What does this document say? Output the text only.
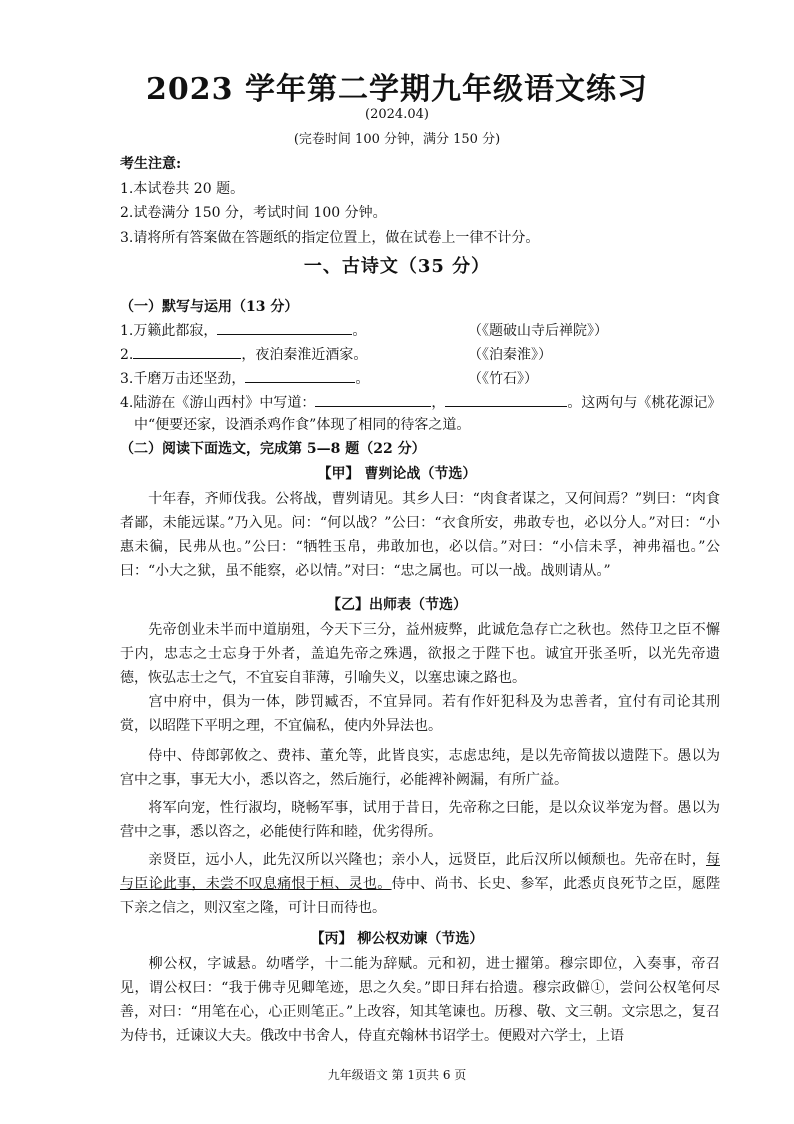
2023 学年第二学期九年级语文练习
(2024.04)
(完卷时间 100 分钟，满分 150 分)
考生注意:
1.本试卷共 20 题。
2.试卷满分 150 分，考试时间 100 分钟。
3.请将所有答案做在答题纸的指定位置上，做在试卷上一律不计分。
一、古诗文（35 分）
（一）默写与运用（13 分）
1.万籁此都寂，	。	（《题破山寺后禅院》）
2.	，夜泊秦淮近酒家。	（《泊秦淮》）
3.千磨万击还坚劲，	。	（《竹石》）
4.陆游在《游山西村》中写道：	，	。这两句与《桃花源记》
中“便要还家，设酒杀鸡作食”体现了相同的待客之道。
（二）阅读下面选文，完成第 5—8 题（22 分）
【甲】 曹刿论战（节选）
十年春，齐师伐我。公将战，曹刿请见。其乡人曰：“肉食者谋之，又何间焉？”刿曰：“肉食者鄙，未能远谋。”乃入见。问：“何以战？”公曰：“衣食所安，弗敢专也，必以分人。”对曰：“小惠未徧，民弗从也。”公曰：“牺牲玉帛，弗敢加也，必以信。”对曰：“小信未孚，神弗福也。”公曰：“小大之狱，虽不能察，必以情。”对曰：“忠之属也。可以一战。战则请从。”
【乙】出师表（节选）
先帝创业未半而中道崩殂，今天下三分，益州疲弊，此诚危急存亡之秋也。然侍卫之臣不懈于内，忠志之士忘身于外者，盖追先帝之殊遇，欲报之于陛下也。诚宜开张圣听，以光先帝遗德，恢弘志士之气，不宜妄自菲薄，引喻失义，以塞忠谏之路也。
宫中府中，俱为一体，陟罚臧否，不宜异同。若有作奸犯科及为忠善者，宜付有司论其刑赏，以昭陛下平明之理，不宜偏私，使内外异法也。
侍中、侍郎郭攸之、费祎、董允等，此皆良实，志虑忠纯，是以先帝简拔以遗陛下。愚以为宫中之事，事无大小，悉以咨之，然后施行，必能裨补阙漏，有所广益。
将军向宠，性行淑均，晓畅军事，试用于昔日，先帝称之曰能，是以众议举宠为督。愚以为营中之事，悉以咨之，必能使行阵和睦，优劣得所。
亲贤臣，远小人，此先汉所以兴隆也；亲小人，远贤臣，此后汉所以倾颓也。先帝在时，每与臣论此事，未尝不叹息痛恨于桓、灵也。侍中、尚书、长史、参军，此悉贞良死节之臣，愿陛下亲之信之，则汉室之隆，可计日而待也。
【丙】 柳公权劝谏（节选）
柳公权，字诚悬。幼嗜学，十二能为辞赋。元和初，进士擢第。穆宗即位，入奏事，帝召见，谓公权曰：“我于佛寺见卿笔迹，思之久矣。”即日拜右拾遗。穆宗政僻①，尝问公权笔何尽善，对曰：“用笔在心，心正则笔正。”上改容，知其笔谏也。历穆、敬、文三朝。文宗思之，复召为侍书，迁谏议大夫。俄改中书舍人，侍直充翰林书诏学士。便殿对六学士，上语
九年级语文 第 1页共 6 页
